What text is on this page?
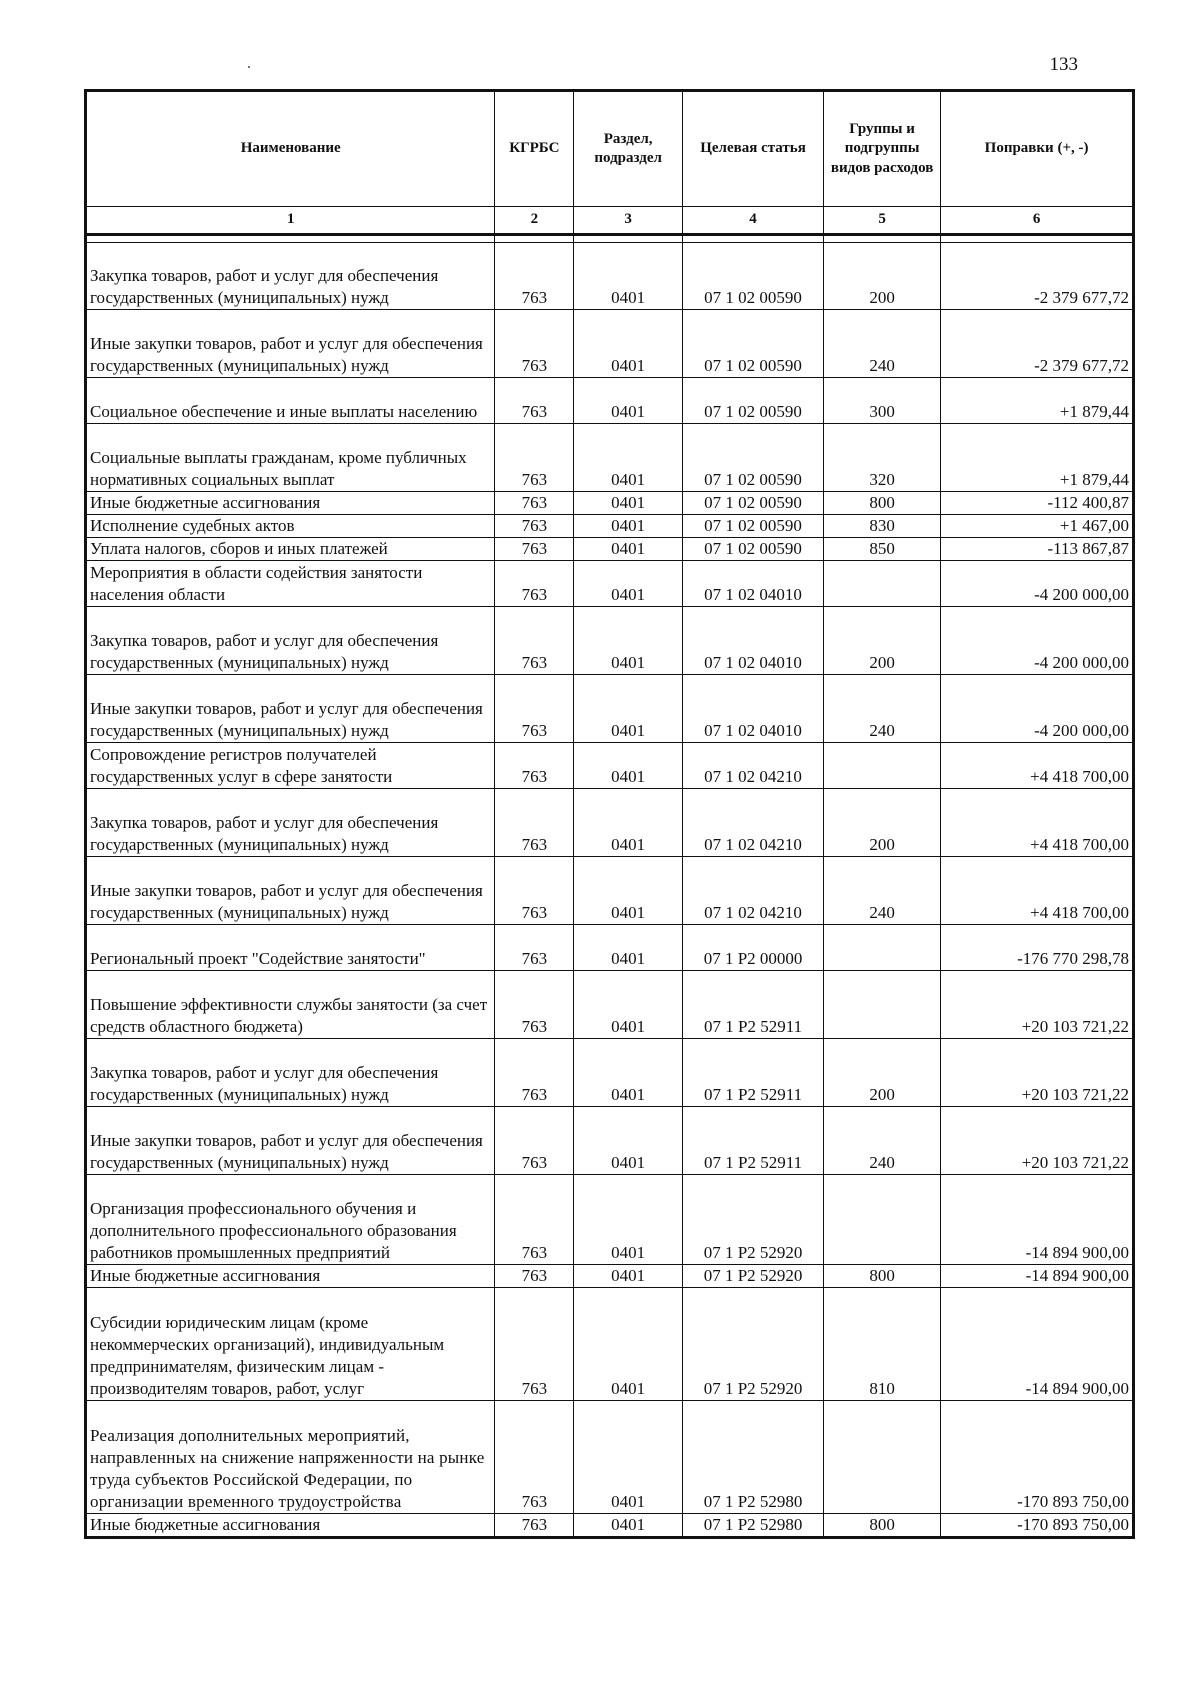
133
Наименование	КГРБС	Раздел, подраздел	Целевая статья	Группы и подгруппы видов расходов	Поправки (+, -)
1	2	3	4	5	6

Закупка товаров, работ и услуг для обеспечения государственных (муниципальных) нужд	763	0401	07 1 02 00590	200	-2 379 677,72
Иные закупки товаров, работ и услуг для обеспечения государственных (муниципальных) нужд	763	0401	07 1 02 00590	240	-2 379 677,72
Социальное обеспечение и иные выплаты населению	763	0401	07 1 02 00590	300	+1 879,44
Социальные выплаты гражданам, кроме публичных нормативных социальных выплат	763	0401	07 1 02 00590	320	+1 879,44
Иные бюджетные ассигнования	763	0401	07 1 02 00590	800	-112 400,87
Исполнение судебных актов	763	0401	07 1 02 00590	830	+1 467,00
Уплата налогов, сборов и иных платежей	763	0401	07 1 02 00590	850	-113 867,87
Мероприятия в области содействия занятости населения области	763	0401	07 1 02 04010		-4 200 000,00
Закупка товаров, работ и услуг для обеспечения государственных (муниципальных) нужд	763	0401	07 1 02 04010	200	-4 200 000,00
Иные закупки товаров, работ и услуг для обеспечения государственных (муниципальных) нужд	763	0401	07 1 02 04010	240	-4 200 000,00
Сопровождение регистров получателей государственных услуг в сфере занятости	763	0401	07 1 02 04210		+4 418 700,00
Закупка товаров, работ и услуг для обеспечения государственных (муниципальных) нужд	763	0401	07 1 02 04210	200	+4 418 700,00
Иные закупки товаров, работ и услуг для обеспечения государственных (муниципальных) нужд	763	0401	07 1 02 04210	240	+4 418 700,00
Региональный проект "Содействие занятости"	763	0401	07 1 P2 00000		-176 770 298,78
Повышение эффективности службы занятости (за счет средств областного бюджета)	763	0401	07 1 P2 52911		+20 103 721,22
Закупка товаров, работ и услуг для обеспечения государственных (муниципальных) нужд	763	0401	07 1 P2 52911	200	+20 103 721,22
Иные закупки товаров, работ и услуг для обеспечения государственных (муниципальных) нужд	763	0401	07 1 P2 52911	240	+20 103 721,22
Организация профессионального обучения и дополнительного профессионального образования работников промышленных предприятий	763	0401	07 1 P2 52920		-14 894 900,00
Иные бюджетные ассигнования	763	0401	07 1 P2 52920	800	-14 894 900,00
Субсидии юридическим лицам (кроме некоммерческих организаций), индивидуальным предпринимателям, физическим лицам - производителям товаров, работ, услуг	763	0401	07 1 P2 52920	810	-14 894 900,00
Реализация дополнительных мероприятий, направленных на снижение напряженности на рынке труда субъектов Российской Федерации, по организации временного трудоустройства	763	0401	07 1 P2 52980		-170 893 750,00
Иные бюджетные ассигнования	763	0401	07 1 P2 52980	800	-170 893 750,00
